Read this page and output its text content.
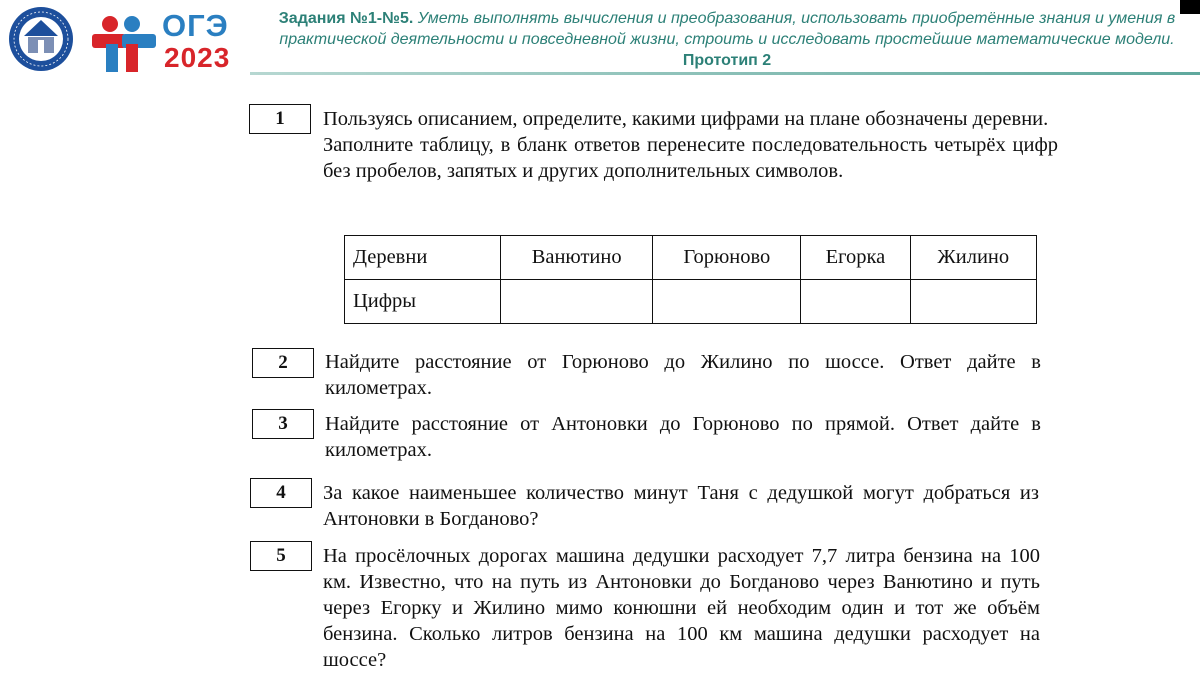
ОГЭ
2023
Задания №1-№5. Уметь выполнять вычисления и преобразования, использовать приобретённые знания и умения в практической деятельности и повседневной жизни, строить и исследовать простейшие математические модели. Прототип 2
1	Пользуясь описанием, определите, какими цифрами на плане обозначены деревни.

Заполните таблицу, в бланк ответов перенесите последовательность четырёх цифр без пробелов, запятых и других дополнительных символов.

Деревни	Ванютино	Горюново	Егорка	Жилино
Цифры				
2	Найдите расстояние от Горюново до Жилино по шоссе. Ответ дайте в километрах.
3	Найдите расстояние от Антоновки до Горюново по прямой. Ответ дайте в километрах.
4	За какое наименьшее количество минут Таня с дедушкой могут добраться из Антоновки в Богданово?
5	На просёлочных дорогах машина дедушки расходует 7,7 литра бензина на 100 км. Известно, что на путь из Антоновки до Богданово через Ванютино и путь через Егорку и Жилино мимо конюшни ей необходим один и тот же объём бензина. Сколько литров бензина на 100 км машина дедушки расходует на шоссе?
